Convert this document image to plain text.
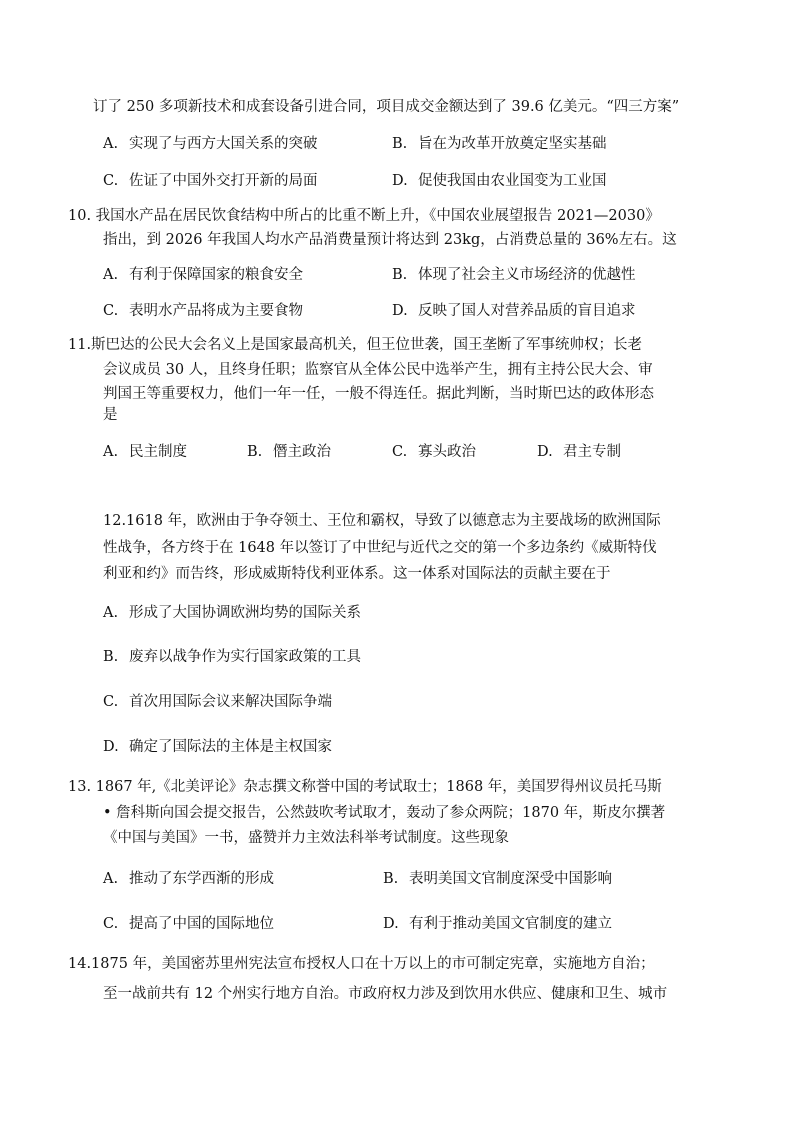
订了 250 多项新技术和成套设备引进合同，项目成交金额达到了 39.6 亿美元。“四三方案”
A. 实现了与西方大国关系的突破	B. 旨在为改革开放奠定坚实基础
C. 佐证了中国外交打开新的局面	D. 促使我国由农业国变为工业国
10. 我国水产品在居民饮食结构中所占的比重不断上升，《中国农业展望报告 2021—2030》
指出，到 2026 年我国人均水产品消费量预计将达到 23kg，占消费总量的 36%左右。这
A. 有利于保障国家的粮食安全	B. 体现了社会主义市场经济的优越性
C. 表明水产品将成为主要食物	D. 反映了国人对营养品质的盲目追求
11.斯巴达的公民大会名义上是国家最高机关，但王位世袭，国王垄断了军事统帅权；长老
会议成员 30 人，且终身任职；监察官从全体公民中选举产生，拥有主持公民大会、审
判国王等重要权力，他们一年一任，一般不得连任。据此判断，当时斯巴达的政体形态
是
A. 民主制度	B. 僭主政治	C. 寡头政治	D. 君主专制
12.1618 年，欧洲由于争夺领土、王位和霸权，导致了以德意志为主要战场的欧洲国际
性战争，各方终于在 1648 年以签订了中世纪与近代之交的第一个多边条约《威斯特伐
利亚和约》而告终，形成威斯特伐利亚体系。这一体系对国际法的贡献主要在于
A. 形成了大国协调欧洲均势的国际关系
B. 废弃以战争作为实行国家政策的工具
C. 首次用国际会议来解决国际争端
D. 确定了国际法的主体是主权国家
13. 1867 年,《北美评论》杂志撰文称誉中国的考试取士；1868 年，美国罗得州议员托马斯
• 詹科斯向国会提交报告，公然鼓吹考试取才，轰动了参众两院；1870 年，斯皮尔撰著
《中国与美国》一书，盛赞并力主效法科举考试制度。这些现象
A. 推动了东学西渐的形成	B. 表明美国文官制度深受中国影响
C. 提高了中国的国际地位	D. 有利于推动美国文官制度的建立
14.1875 年，美国密苏里州宪法宣布授权人口在十万以上的市可制定宪章，实施地方自治；
至一战前共有 12 个州实行地方自治。市政府权力涉及到饮用水供应、健康和卫生、城市
